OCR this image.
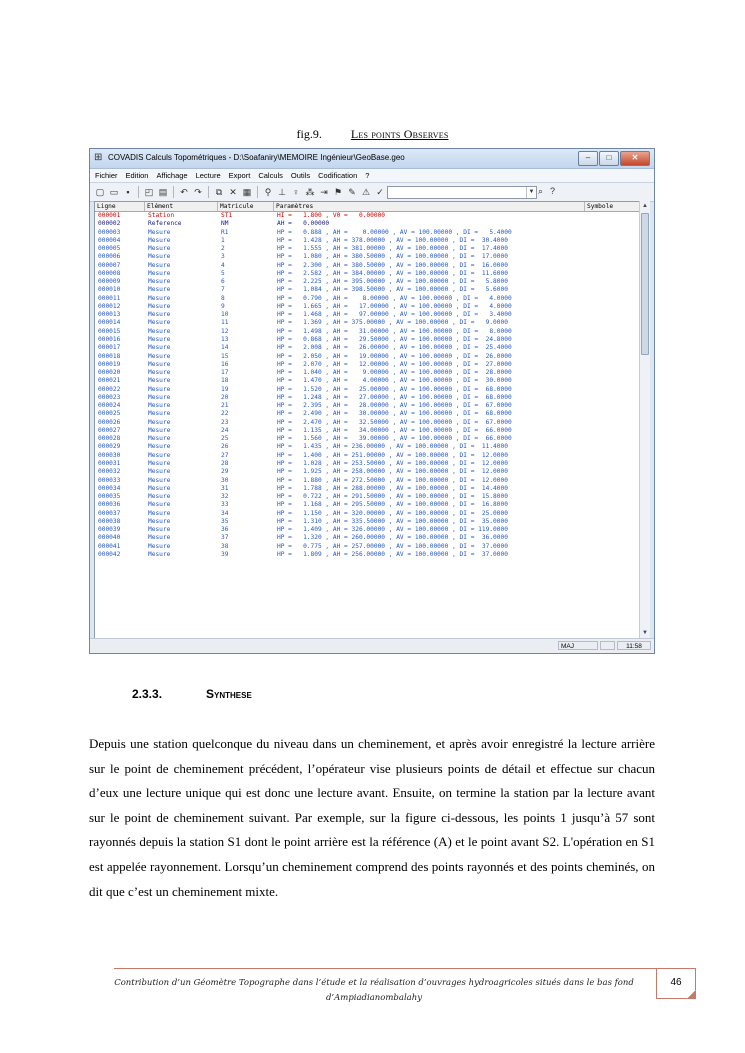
fig.9. Les points Observes
⊞ COVADIS Calculs Topométriques - D:\Soafaniry\MEMOIRE Ingénieur\GeoBase.geo	–	□	✕
Fichier Edition Affichage Lecture Export Calculs Outils Codification ?
▢ ▭ ▪	◰ ▤ ↶ ↷	⧉ ✕ ▦	⚲ ⊥ ♀ ⁂ ⇥ ⚑ ✎ ⚠ ✓	▼ ⌕ ?
Ligne	Elément	Matricule	Paramètres	Symbole
000001	Station	ST1	HI =   1.800 , V0 =   0.00000
000002	Reference	NM	AH =   0.00000
000003	Mesure	R1	HP =   0.888 , AH =    0.00000 , AV = 100.00000 , DI =   5.4000
000004	Mesure	1	HP =   1.428 , AH = 378.00000 , AV = 100.00000 , DI =  30.4000
000005	Mesure	2	HP =   1.555 , AH = 381.00000 , AV = 100.00000 , DI =  17.4000
000006	Mesure	3	HP =   1.080 , AH = 380.50000 , AV = 100.00000 , DI =  17.0000
000007	Mesure	4	HP =   2.300 , AH = 380.50000 , AV = 100.00000 , DI =  16.0000
000008	Mesure	5	HP =   2.582 , AH = 384.00000 , AV = 100.00000 , DI =  11.6000
000009	Mesure	6	HP =   2.225 , AH = 395.00000 , AV = 100.00000 , DI =   5.8000
000010	Mesure	7	HP =   1.084 , AH = 398.50000 , AV = 100.00000 , DI =   5.6000
000011	Mesure	8	HP =   0.790 , AH =    8.00000 , AV = 100.00000 , DI =   4.0000
000012	Mesure	9	HP =   1.665 , AH =   17.00000 , AV = 100.00000 , DI =   4.0000
000013	Mesure	10	HP =   1.468 , AH =   97.00000 , AV = 100.00000 , DI =   3.4000
000014	Mesure	11	HP =   1.369 , AH = 375.00000 , AV = 100.00000 , DI =   9.0000
000015	Mesure	12	HP =   1.498 , AH =   31.00000 , AV = 100.00000 , DI =   8.0000
000016	Mesure	13	HP =   0.868 , AH =   29.50000 , AV = 100.00000 , DI =  24.8000
000017	Mesure	14	HP =   2.008 , AH =   26.00000 , AV = 100.00000 , DI =  25.4000
000018	Mesure	15	HP =   2.050 , AH =   19.00000 , AV = 100.00000 , DI =  26.0000
000019	Mesure	16	HP =   2.070 , AH =   12.00000 , AV = 100.00000 , DI =  27.0000
000020	Mesure	17	HP =   1.040 , AH =    9.00000 , AV = 100.00000 , DI =  28.0000
000021	Mesure	18	HP =   1.470 , AH =    4.00000 , AV = 100.00000 , DI =  30.0000
000022	Mesure	19	HP =   1.520 , AH =   25.00000 , AV = 100.00000 , DI =  68.0000
000023	Mesure	20	HP =   1.248 , AH =   27.00000 , AV = 100.00000 , DI =  68.0000
000024	Mesure	21	HP =   2.395 , AH =   28.00000 , AV = 100.00000 , DI =  67.0000
000025	Mesure	22	HP =   2.490 , AH =   30.00000 , AV = 100.00000 , DI =  68.0000
000026	Mesure	23	HP =   2.470 , AH =   32.50000 , AV = 100.00000 , DI =  67.0000
000027	Mesure	24	HP =   1.135 , AH =   34.00000 , AV = 100.00000 , DI =  66.0000
000028	Mesure	25	HP =   1.560 , AH =   39.00000 , AV = 100.00000 , DI =  66.0000
000029	Mesure	26	HP =   1.435 , AH = 236.00000 , AV = 100.00000 , DI =  11.4000
000030	Mesure	27	HP =   1.400 , AH = 251.00000 , AV = 100.00000 , DI =  12.0000
000031	Mesure	28	HP =   1.028 , AH = 253.50000 , AV = 100.00000 , DI =  12.0000
000032	Mesure	29	HP =   1.925 , AH = 258.00000 , AV = 100.00000 , DI =  12.0000
000033	Mesure	30	HP =   1.880 , AH = 272.50000 , AV = 100.00000 , DI =  12.0000
000034	Mesure	31	HP =   1.788 , AH = 288.00000 , AV = 100.00000 , DI =  14.4000
000035	Mesure	32	HP =   0.722 , AH = 291.50000 , AV = 100.00000 , DI =  15.8000
000036	Mesure	33	HP =   1.168 , AH = 295.50000 , AV = 100.00000 , DI =  16.8000
000037	Mesure	34	HP =   1.150 , AH = 320.00000 , AV = 100.00000 , DI =  25.0000
000038	Mesure	35	HP =   1.310 , AH = 335.50000 , AV = 100.00000 , DI =  35.0000
000039	Mesure	36	HP =   1.409 , AH = 326.00000 , AV = 100.00000 , DI = 119.0000
000040	Mesure	37	HP =   1.320 , AH = 260.00000 , AV = 100.00000 , DI =  36.0000
000041	Mesure	38	HP =   0.775 , AH = 257.00000 , AV = 100.00000 , DI =  37.0000
000042	Mesure	39	HP =   1.809 , AH = 256.00000 , AV = 100.00000 , DI =  37.0000
▲
▼
MAJ	11:58
2.3.3.	Synthese
Depuis une station quelconque du niveau dans un cheminement, et après avoir enregistré la lecture arrière sur le point de cheminement précédent, l’opérateur vise plusieurs points de détail et effectue sur chacun d’eux une lecture unique qui est donc une lecture avant. Ensuite, on termine la station par la lecture avant sur le point de cheminement suivant. Par exemple, sur la figure ci-dessous, les points 1 jusqu’à 57 sont rayonnés depuis la station S1 dont le point arrière est la référence (A) et le point avant S2. L'opération en S1 est appelée rayonnement. Lorsqu’un cheminement comprend des points rayonnés et des points cheminés, on dit que c’est un cheminement mixte.
Contribution d’un Géomètre Topographe dans l’étude et la réalisation d’ouvrages hydroagricoles situés dans le bas fond
d’Ampiadianombalahy
46
